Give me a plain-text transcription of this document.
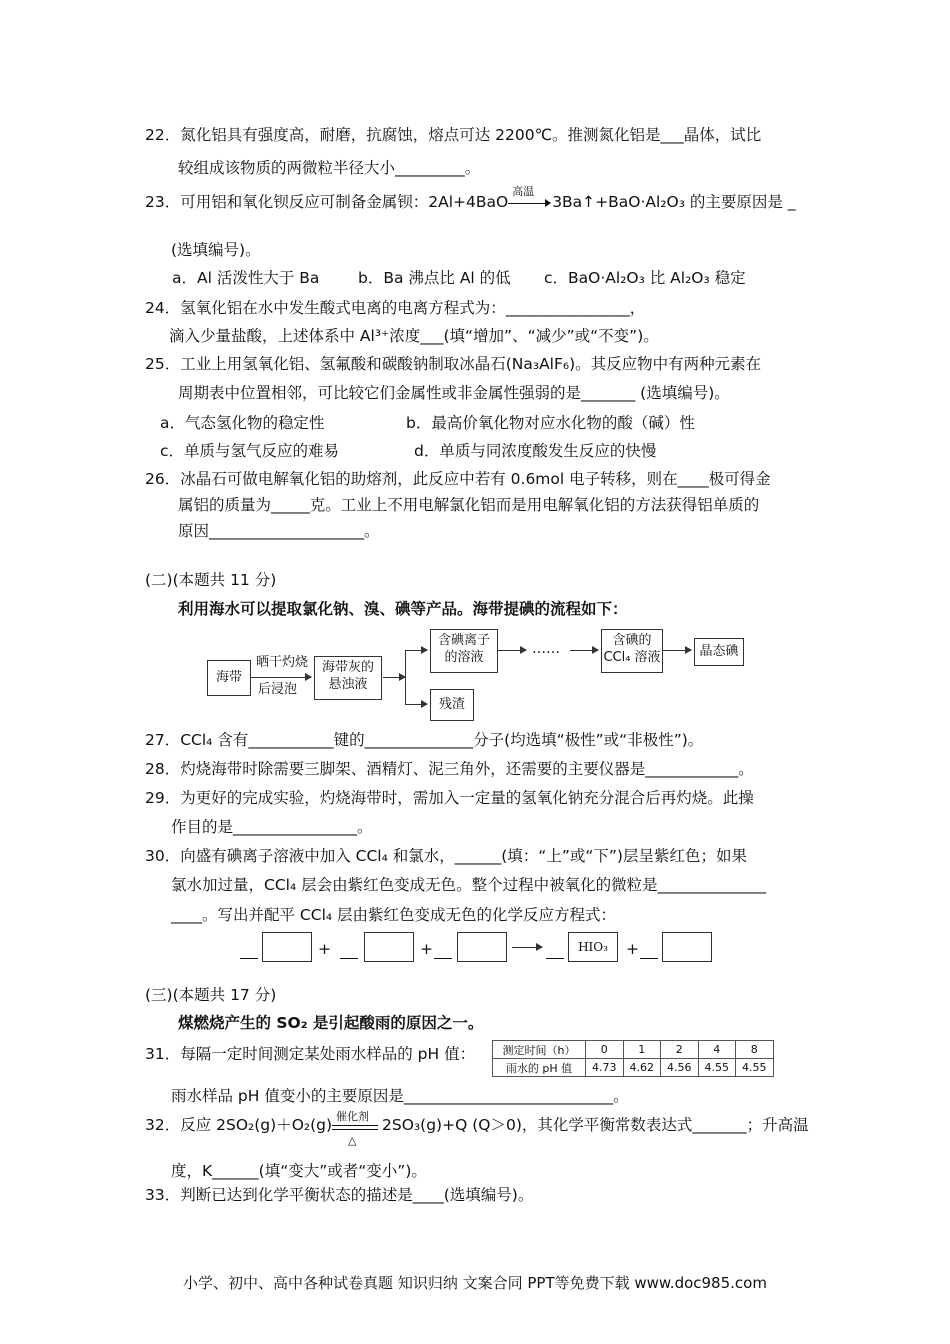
22．氮化铝具有强度高，耐磨，抗腐蚀，熔点可达 2200℃。推测氮化铝是___晶体，试比
较组成该物质的两微粒半径大小_________。
23．可用铝和氧化钡反应可制备金属钡：2Al+4BaO
高温
3Ba↑+BaO·Al₂O₃ 的主要原因是 _
(选填编号)。
a．Al 活泼性大于 Ba b．Ba 沸点比 Al 的低 c．BaO·Al₂O₃ 比 Al₂O₃ 稳定
24．氢氧化铝在水中发生酸式电离的电离方程式为：________________，
滴入少量盐酸，上述体系中 Al³⁺浓度___(填“增加”、“减少”或“不变”)。
25．工业上用氢氧化铝、氢氟酸和碳酸钠制取冰晶石(Na₃AlF₆)。其反应物中有两种元素在
周期表中位置相邻，可比较它们金属性或非金属性强弱的是_______ (选填编号)。
a．气态氢化物的稳定性	b．最高价氧化物对应水化物的酸（碱）性
c．单质与氢气反应的难易	d．单质与同浓度酸发生反应的快慢
26．冰晶石可做电解氧化铝的助熔剂，此反应中若有 0.6mol 电子转移，则在____极可得金
属铝的质量为_____克。工业上不用电解氯化铝而是用电解氧化铝的方法获得铝单质的
原因____________________。
(二)(本题共 11 分)
利用海水可以提取氯化钠、溴、碘等产品。海带提碘的流程如下：
海带
晒干灼烧
后浸泡
海带灰的
悬浊液
含碘离子
的溶液
……
含碘的
CCl₄ 溶液	晶态碘
残渣
27．CCl₄ 含有___________键的______________分子(均选填“极性”或“非极性”)。
28．灼烧海带时除需要三脚架、酒精灯、泥三角外，还需要的主要仪器是____________。
29．为更好的完成实验，灼烧海带时，需加入一定量的氢氧化钠充分混合后再灼烧。此操
作目的是________________。
30．向盛有碘离子溶液中加入 CCl₄ 和氯水，______(填：“上”或“下”)层呈紫红色；如果
氯水加过量，CCl₄ 层会由紫红色变成无色。整个过程中被氧化的微粒是______________
____。写出并配平 CCl₄ 层由紫红色变成无色的化学反应方程式：
+	+	HIO₃	+
(三)(本题共 17 分)
煤燃烧产生的 SO₂ 是引起酸雨的原因之一。
31．每隔一定时间测定某处雨水样品的 pH 值： 测定时间（h）	0	1	2	4	8
雨水的 pH 值	4.73	4.62	4.56	4.55	4.55
雨水样品 pH 值变小的主要原因是___________________________。
32．反应 2SO₂(g)＋O₂(g) 催化剂
△
2SO₃(g)+Q (Q＞0)，其化学平衡常数表达式_______；升高温
度，K______(填“变大”或者“变小”)。
33．判断已达到化学平衡状态的描述是____(选填编号)。
小学、初中、高中各种试卷真题 知识归纳 文案合同 PPT等免费下载 www.doc985.com
